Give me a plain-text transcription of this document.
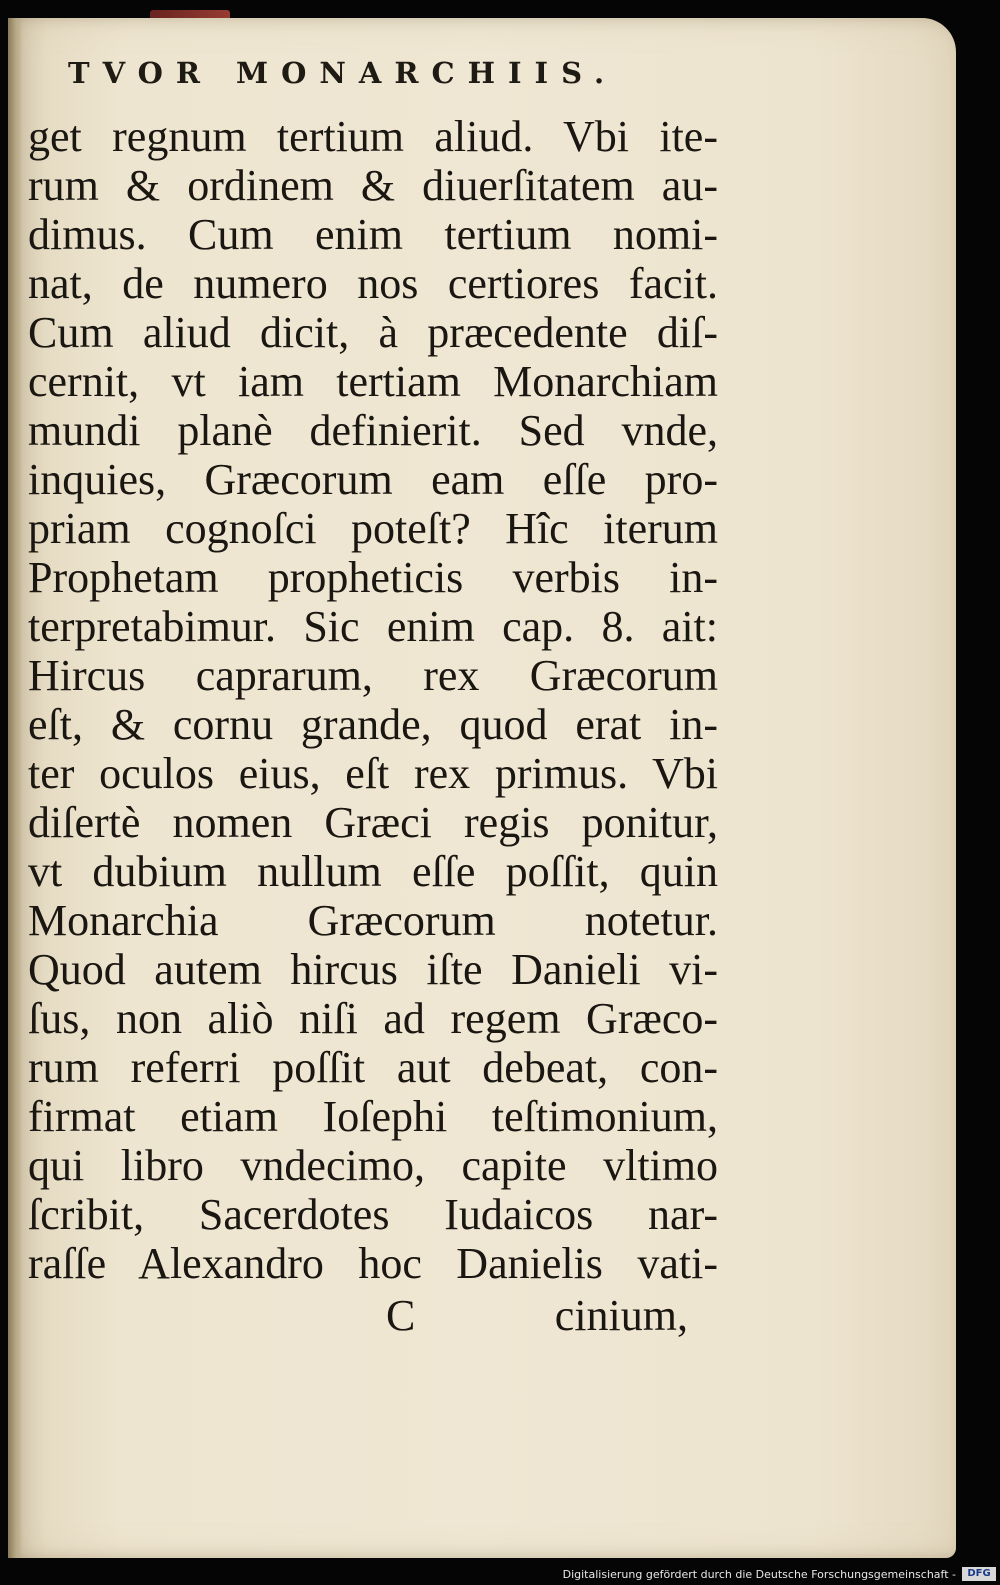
TVOR MONARCHIIS.
get regnum tertium aliud. Vbi ite-
rum & ordinem & diuerſitatem au-
dimus. Cum enim tertium nomi-
nat, de numero nos certiores facit.
Cum aliud dicit, à præcedente diſ-
cernit, vt iam tertiam Monarchiam
mundi planè definierit. Sed vnde,
inquies, Græcorum eam eſſe pro-
priam cognoſci poteſt? Hîc iterum
Prophetam propheticis verbis in-
terpretabimur. Sic enim cap. 8. ait:
Hircus caprarum, rex Græcorum
eſt, & cornu grande, quod erat in-
ter oculos eius, eſt rex primus. Vbi
diſertè nomen Græci regis ponitur,
vt dubium nullum eſſe poſſit, quin
Monarchia Græcorum notetur.
Quod autem hircus iſte Danieli vi-
ſus, non aliò niſi ad regem Græco-
rum referri poſſit aut debeat, con-
firmat etiam Ioſephi teſtimonium,
qui libro vndecimo, capite vltimo
ſcribit, Sacerdotes Iudaicos nar-
raſſe Alexandro hoc Danielis vati-
C	cinium,
Digitalisierung gefördert durch die Deutsche Forschungsgemeinschaft -	DFG
